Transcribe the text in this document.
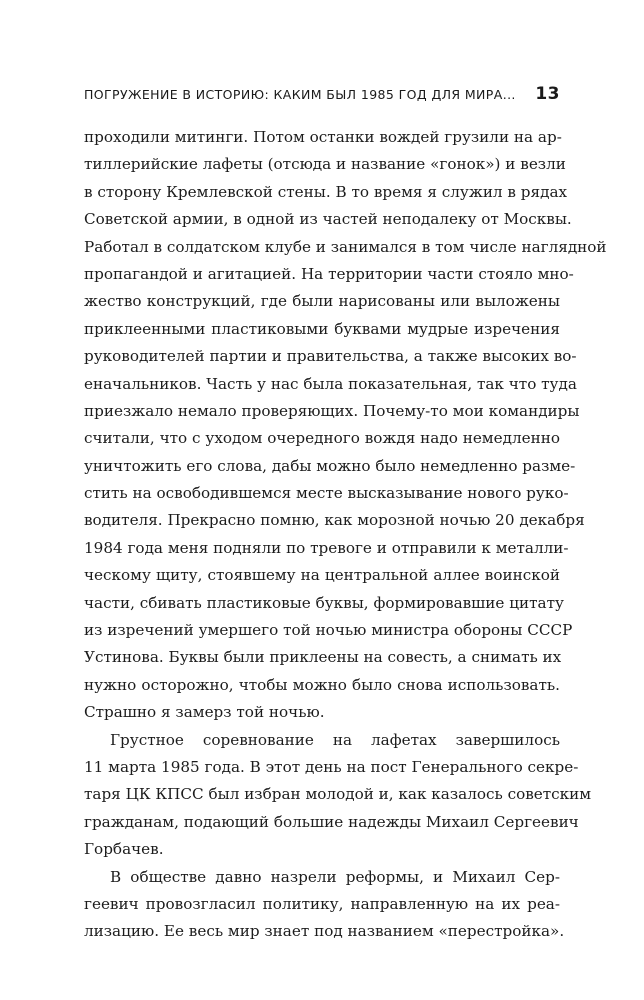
ПОГРУЖЕНИЕ В ИСТОРИЮ: КАКИМ БЫЛ 1985 ГОД ДЛЯ МИРА... 13

проходили митинги. Потом останки вождей грузили на ар-
тиллерийские лафеты (отсюда и название «гонок») и везли
в сторону Кремлевской стены. В то время я служил в рядах
Советской армии, в одной из частей неподалеку от Москвы.
Работал в солдатском клубе и занимался в том числе наглядной
пропагандой и агитацией. На территории части стояло мно-
жество конструкций, где были нарисованы или выложены
приклеенными пластиковыми буквами мудрые изречения
руководителей партии и правительства, а также высоких во-
еначальников. Часть у нас была показательная, так что туда
приезжало немало проверяющих. Почему-то мои командиры
считали, что с уходом очередного вождя надо немедленно
уничтожить его слова, дабы можно было немедленно разме-
стить на освободившемся месте высказывание нового руко-
водителя. Прекрасно помню, как морозной ночью 20 декабря
1984 года меня подняли по тревоге и отправили к металли-
ческому щиту, стоявшему на центральной аллее воинской
части, сбивать пластиковые буквы, формировавшие цитату
из изречений умершего той ночью министра обороны СССР
Устинова. Буквы были приклеены на совесть, а снимать их
нужно осторожно, чтобы можно было снова использовать.
Страшно я замерз той ночью.

Грустное соревнование на лафетах завершилось
11 марта 1985 года. В этот день на пост Генерального секре-
таря ЦК КПСС был избран молодой и, как казалось советским
гражданам, подающий большие надежды Михаил Сергеевич
Горбачев.

В обществе давно назрели реформы, и Михаил Сер-
геевич провозгласил политику, направленную на их реа-
лизацию. Ее весь мир знает под названием «перестройка».
